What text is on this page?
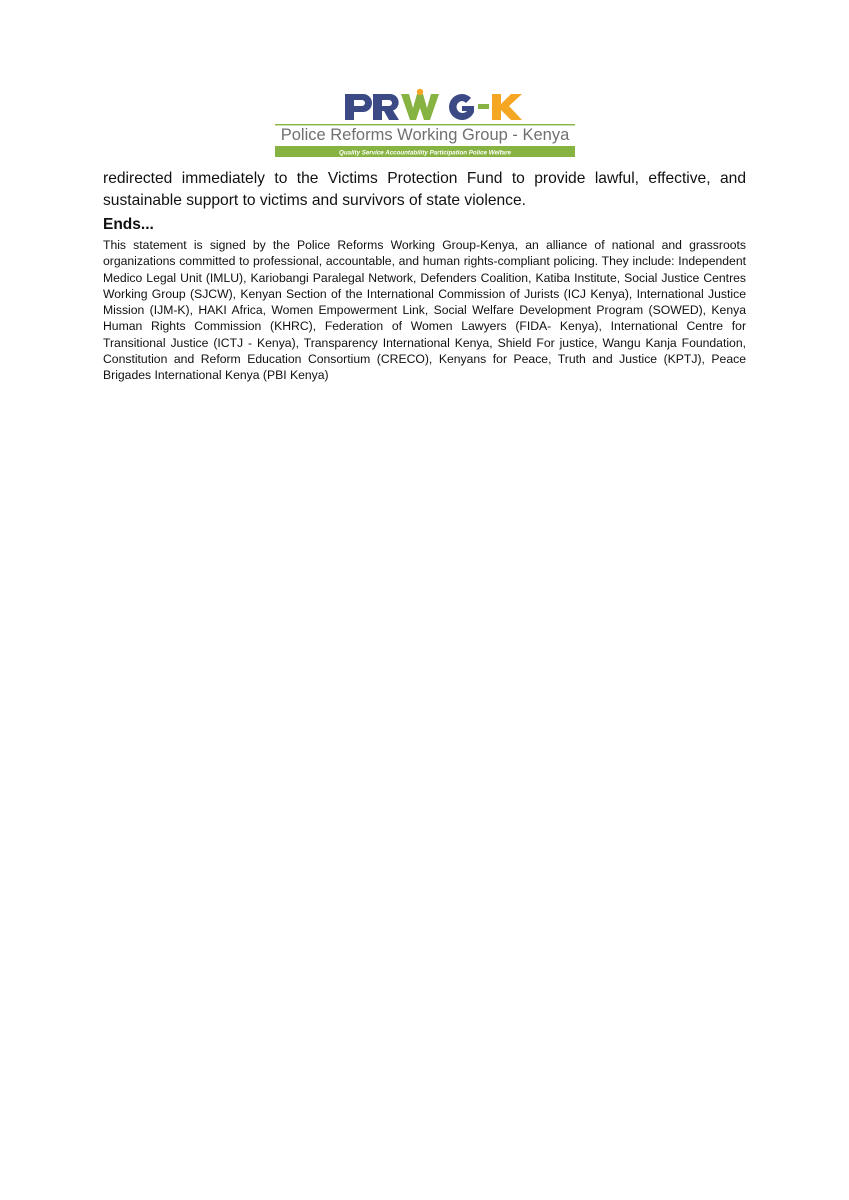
Police Reforms Working Group - Kenya
Quality Service Accountability Participation Police Welfare

redirected immediately to the Victims Protection Fund to provide lawful, effective, and sustainable support to victims and survivors of state violence.

Ends...

This statement is signed by the Police Reforms Working Group-Kenya, an alliance of national and grassroots organizations committed to professional, accountable, and human rights-compliant policing. They include: Independent Medico Legal Unit (IMLU), Kariobangi Paralegal Network, Defenders Coalition, Katiba Institute, Social Justice Centres Working Group (SJCW), Kenyan Section of the International Commission of Jurists (ICJ Kenya), International Justice Mission (IJM-K), HAKI Africa, Women Empowerment Link, Social Welfare Development Program (SOWED), Kenya Human Rights Commission (KHRC), Federation of Women Lawyers (FIDA- Kenya), International Centre for Transitional Justice (ICTJ - Kenya), Transparency International Kenya, Shield For justice, Wangu Kanja Foundation, Constitution and Reform Education Consortium (CRECO), Kenyans for Peace, Truth and Justice (KPTJ), Peace Brigades International Kenya (PBI Kenya)
